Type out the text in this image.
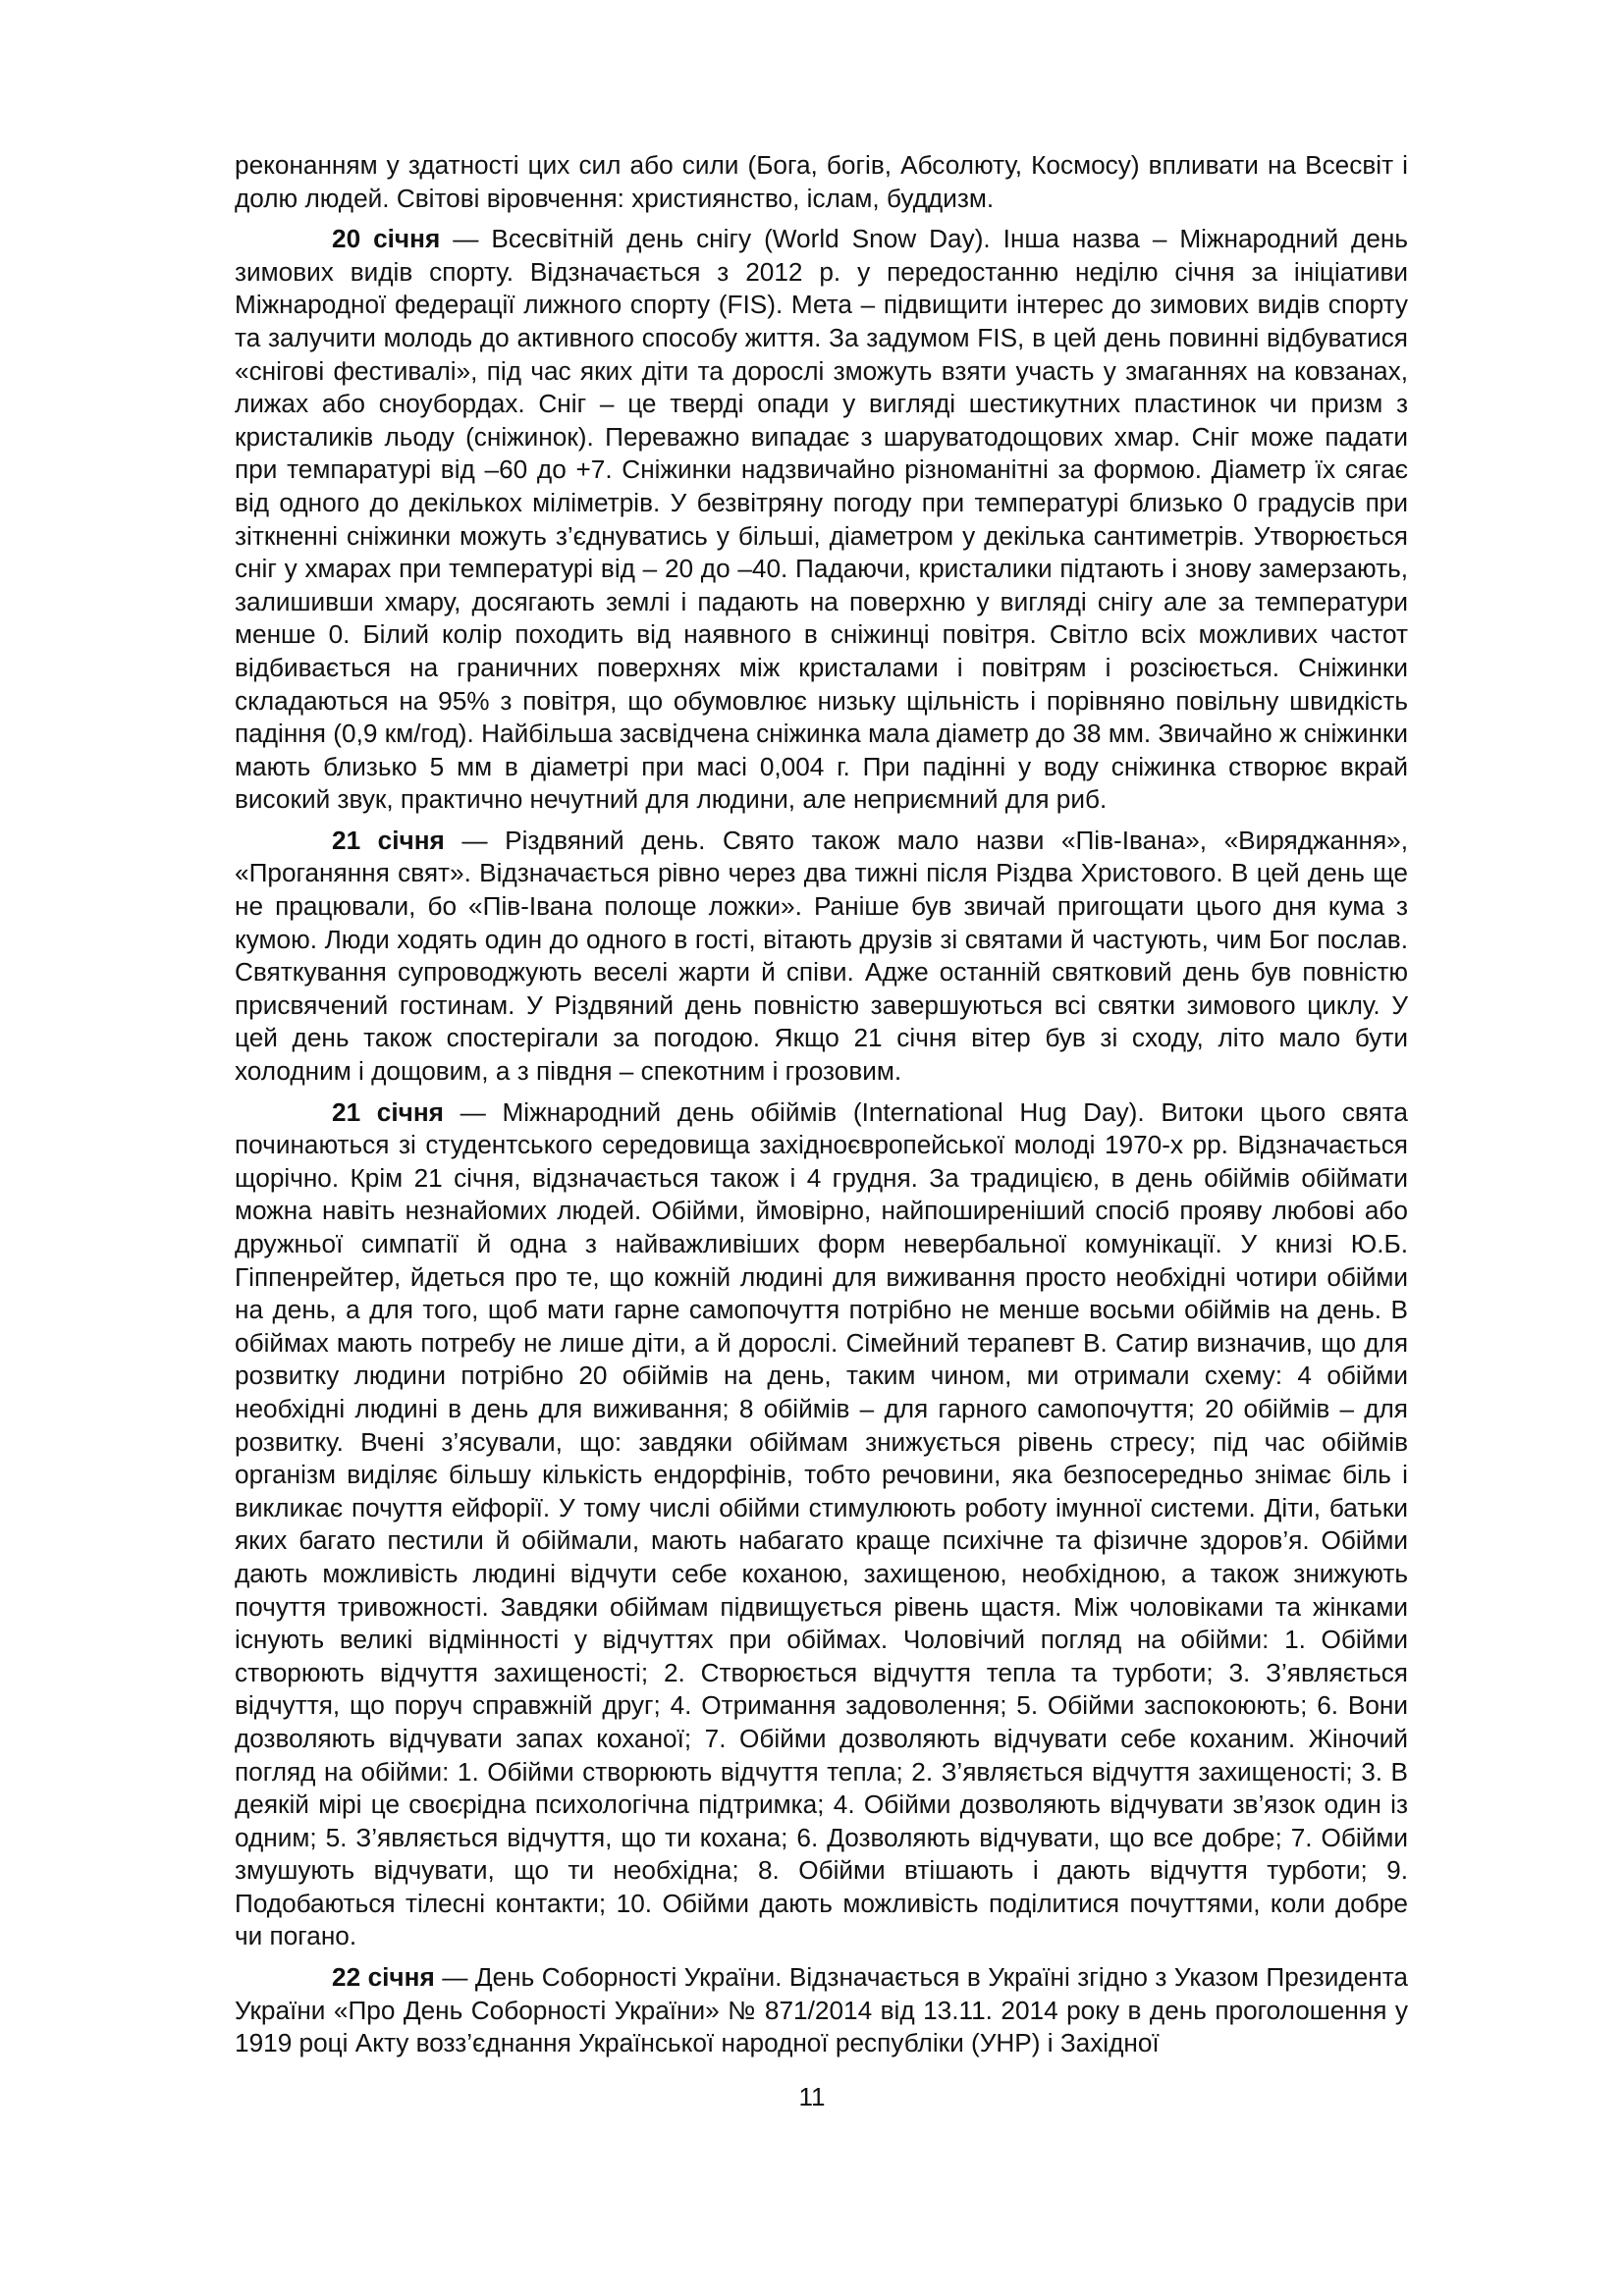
реконанням у здатності цих сил або сили (Бога, богів, Абсолюту, Космосу) впливати на Всесвіт і долю людей. Світові віровчення: християнство, іслам, буддизм.

20 січня — Всесвітній день снігу (World Snow Day). Інша назва – Міжнародний день зимових видів спорту. Відзначається з 2012 р. у передостанню неділю січня за ініціативи Міжнародної федерації лижного спорту (FIS). Мета – підвищити інтерес до зимових видів спорту та залучити молодь до активного способу життя. За задумом FIS, в цей день повинні відбуватися «снігові фестивалі», під час яких діти та дорослі зможуть взяти участь у змаганнях на ковзанах, лижах або сноубордах. Сніг – це тверді опади у вигляді шестикутних пластинок чи призм з кристаликів льоду (сніжинок). Переважно випадає з шаруватодощових хмар. Сніг може падати при темпаратурі від –60 до +7. Сніжинки надзвичайно різноманітні за формою. Діаметр їх сягає від одного до декількох міліметрів. У безвітряну погоду при температурі близько 0 градусів при зіткненні сніжинки можуть з’єднуватись у більші, діаметром у декілька сантиметрів. Утворюється сніг у хмарах при температурі від – 20 до –40. Падаючи, кристалики підтають і знову замерзають, залишивши хмару, досягають землі і падають на поверхню у вигляді снігу але за температури менше 0. Білий колір походить від наявного в сніжинці повітря. Світло всіх можливих частот відбивається на граничних поверхнях між кристалами і повітрям і розсіюється. Сніжинки складаються на 95% з повітря, що обумовлює низьку щільність і порівняно повільну швидкість падіння (0,9 км/год). Найбільша засвідчена сніжинка мала діаметр до 38 мм. Звичайно ж сніжинки мають близько 5 мм в діаметрі при масі 0,004 г. При падінні у воду сніжинка створює вкрай високий звук, практично нечутний для людини, але неприємний для риб.

21 січня — Різдвяний день. Свято також мало назви «Пів-Івана», «Виряджання», «Проганяння свят». Відзначається рівно через два тижні після Різдва Христового. В цей день ще не працювали, бо «Пів-Івана полоще ложки». Раніше був звичай пригощати цього дня кума з кумою. Люди ходять один до одного в гості, вітають друзів зі святами й частують, чим Бог послав. Святкування супроводжують веселі жарти й співи. Адже останній святковий день був повністю присвячений гостинам. У Різдвяний день повністю завершуються всі святки зимового циклу. У цей день також спостерігали за погодою. Якщо 21 січня вітер був зі сходу, літо мало бути холодним і дощовим, а з півдня – спекотним і грозовим.

21 січня — Міжнародний день обіймів (International Hug Day). Витоки цього свята починаються зі студентського середовища західноєвропейської молоді 1970-х рр. Відзначається щорічно. Крім 21 січня, відзначається також і 4 грудня. За традицією, в день обіймів обіймати можна навіть незнайомих людей. Обійми, ймовірно, найпоширеніший спосіб прояву любові або дружньої симпатії й одна з найважливіших форм невербальної комунікації. У книзі Ю.Б. Гіппенрейтер, йдеться про те, що кожній людині для виживання просто необхідні чотири обійми на день, а для того, щоб мати гарне самопочуття потрібно не менше восьми обіймів на день. В обіймах мають потребу не лише діти, а й дорослі. Сімейний терапевт В. Сатир визначив, що для розвитку людини потрібно 20 обіймів на день, таким чином, ми отримали схему: 4 обійми необхідні людині в день для виживання; 8 обіймів – для гарного самопочуття; 20 обіймів – для розвитку. Вчені з’ясували, що: завдяки обіймам знижується рівень стресу; під час обіймів організм виділяє більшу кількість ендорфінів, тобто речовини, яка безпосередньо знімає біль і викликає почуття ейфорії. У тому числі обійми стимулюють роботу імунної системи. Діти, батьки яких багато пестили й обіймали, мають набагато краще психічне та фізичне здоров’я. Обійми дають можливість людині відчути себе коханою, захищеною, необхідною, а також знижують почуття тривожності. Завдяки обіймам підвищується рівень щастя. Між чоловіками та жінками існують великі відмінності у відчуттях при обіймах. Чоловічий погляд на обійми: 1. Обійми створюють відчуття захищеності; 2. Створюється відчуття тепла та турботи; 3. З’являється відчуття, що поруч справжній друг; 4. Отримання задоволення; 5. Обійми заспокоюють; 6. Вони дозволяють відчувати запах коханої; 7. Обійми дозволяють відчувати себе коханим. Жіночий погляд на обійми: 1. Обійми створюють відчуття тепла; 2. З’являється відчуття захищеності; 3. В деякій мірі це своєрідна психологічна підтримка; 4. Обійми дозволяють відчувати зв’язок один із одним; 5. З’являється відчуття, що ти кохана; 6. Дозволяють відчувати, що все добре; 7. Обійми змушують відчувати, що ти необхідна; 8. Обійми втішають і дають відчуття турботи; 9. Подобаються тілесні контакти; 10. Обійми дають можливість поділитися почуттями, коли добре чи погано.

22 січня — День Соборності України. Відзначається в Україні згідно з Указом Президента України «Про День Соборності України» № 871/2014 від 13.11. 2014 року в день проголошення у 1919 році Акту возз’єднання Української народної республіки (УНР) і Західної

11
